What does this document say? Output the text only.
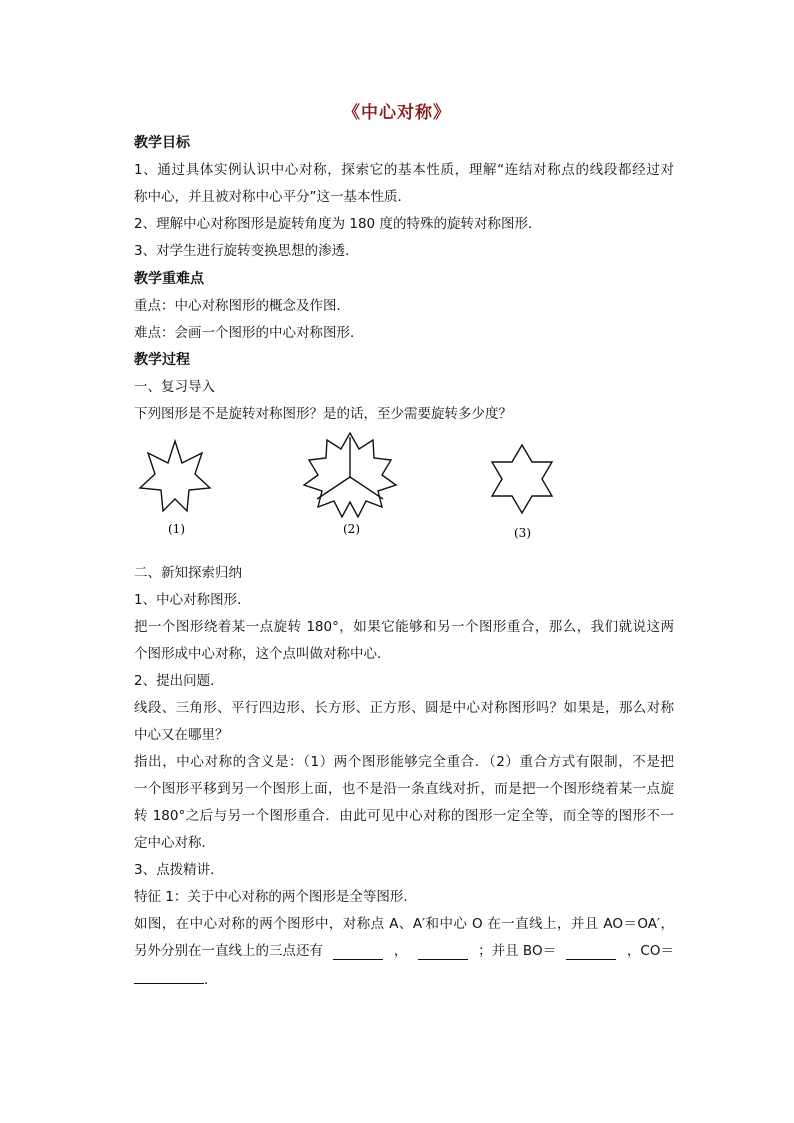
《中心对称》
教学目标
1、通过具体实例认识中心对称，探索它的基本性质，理解“连结对称点的线段都经过对
称中心，并且被对称中心平分”这一基本性质．
2、理解中心对称图形是旋转角度为 180 度的特殊的旋转对称图形．
3、对学生进行旋转变换思想的渗透．
教学重难点
重点：中心对称图形的概念及作图．
难点：会画一个图形的中心对称图形．
教学过程
一、复习导入
下列图形是不是旋转对称图形？是的话，至少需要旋转多少度？
(1)	(2)	(3)
二、新知探索归纳
1、中心对称图形．
把一个图形绕着某一点旋转 180°，如果它能够和另一个图形重合，那么，我们就说这两
个图形成中心对称，这个点叫做对称中心．
2、提出问题．
线段、三角形、平行四边形、长方形、正方形、圆是中心对称图形吗？如果是，那么对称
中心又在哪里？
指出，中心对称的含义是：（1）两个图形能够完全重合．（2）重合方式有限制，不是把
一个图形平移到另一个图形上面，也不是沿一条直线对折，而是把一个图形绕着某一点旋
转 180°之后与另一个图形重合．由此可见中心对称的图形一定全等，而全等的图形不一
定中心对称．
3、点拨精讲．
特征 1：关于中心对称的两个图形是全等图形．
如图，在中心对称的两个图形中，对称点 A、A′和中心 O 在一直线上，并且 AO＝OA′，
另外分别在一直线上的三点还有	，	；并且 BO＝	，CO＝
．
